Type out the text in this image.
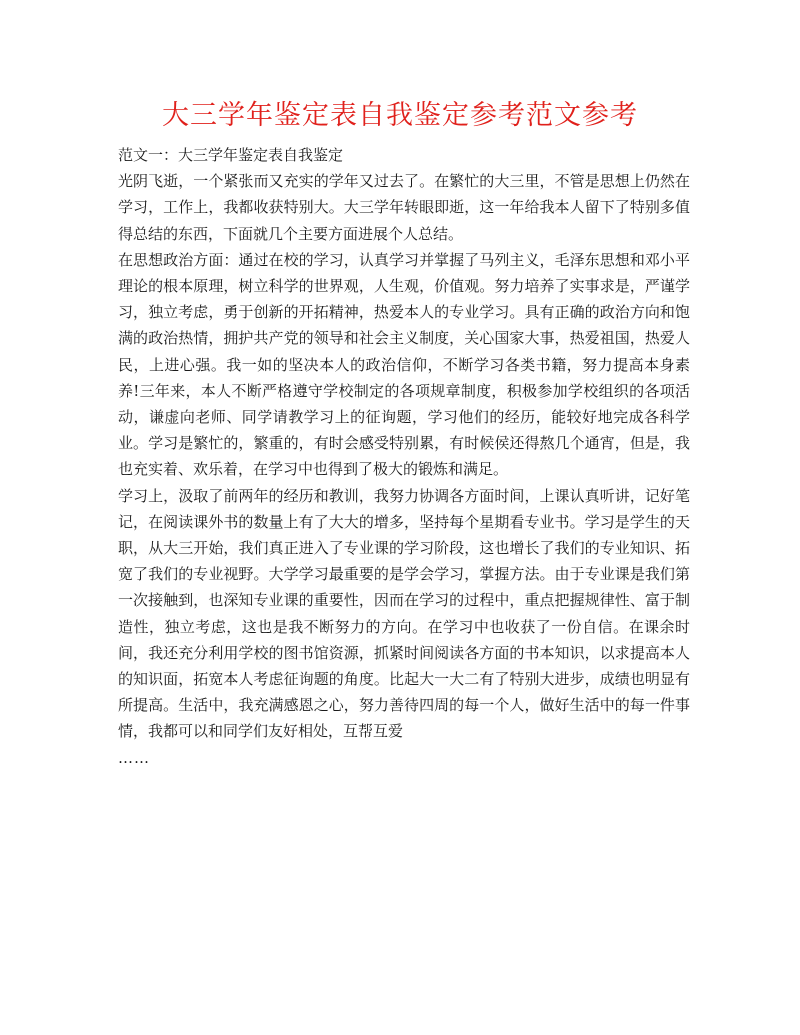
大三学年鉴定表自我鉴定参考范文参考

范文一：大三学年鉴定表自我鉴定

光阴飞逝，一个紧张而又充实的学年又过去了。在繁忙的大三里，不管是思想上仍然在学习，工作上，我都收获特别大。大三学年转眼即逝，这一年给我本人留下了特别多值得总结的东西，下面就几个主要方面进展个人总结。

在思想政治方面：通过在校的学习，认真学习并掌握了马列主义，毛泽东思想和邓小平理论的根本原理，树立科学的世界观，人生观，价值观。努力培养了实事求是，严谨学习，独立考虑，勇于创新的开拓精神，热爱本人的专业学习。具有正确的政治方向和饱满的政治热情，拥护共产党的领导和社会主义制度，关心国家大事，热爱祖国，热爱人民，上进心强。我一如的坚决本人的政治信仰，不断学习各类书籍，努力提高本身素养!三年来，本人不断严格遵守学校制定的各项规章制度，积极参加学校组织的各项活动，谦虚向老师、同学请教学习上的征询题，学习他们的经历，能较好地完成各科学业。学习是繁忙的，繁重的，有时会感受特别累，有时候侯还得熬几个通宵，但是，我也充实着、欢乐着，在学习中也得到了极大的锻炼和满足。

学习上，汲取了前两年的经历和教训，我努力协调各方面时间，上课认真听讲，记好笔记，在阅读课外书的数量上有了大大的增多，坚持每个星期看专业书。学习是学生的天职，从大三开始，我们真正进入了专业课的学习阶段，这也增长了我们的专业知识、拓宽了我们的专业视野。大学学习最重要的是学会学习，掌握方法。由于专业课是我们第一次接触到，也深知专业课的重要性，因而在学习的过程中，重点把握规律性、富于制造性，独立考虑，这也是我不断努力的方向。在学习中也收获了一份自信。在课余时间，我还充分利用学校的图书馆资源，抓紧时间阅读各方面的书本知识，以求提高本人的知识面，拓宽本人考虑征询题的角度。比起大一大二有了特别大进步，成绩也明显有所提高。生活中，我充满感恩之心，努力善待四周的每一个人，做好生活中的每一件事情，我都可以和同学们友好相处，互帮互爱

……
